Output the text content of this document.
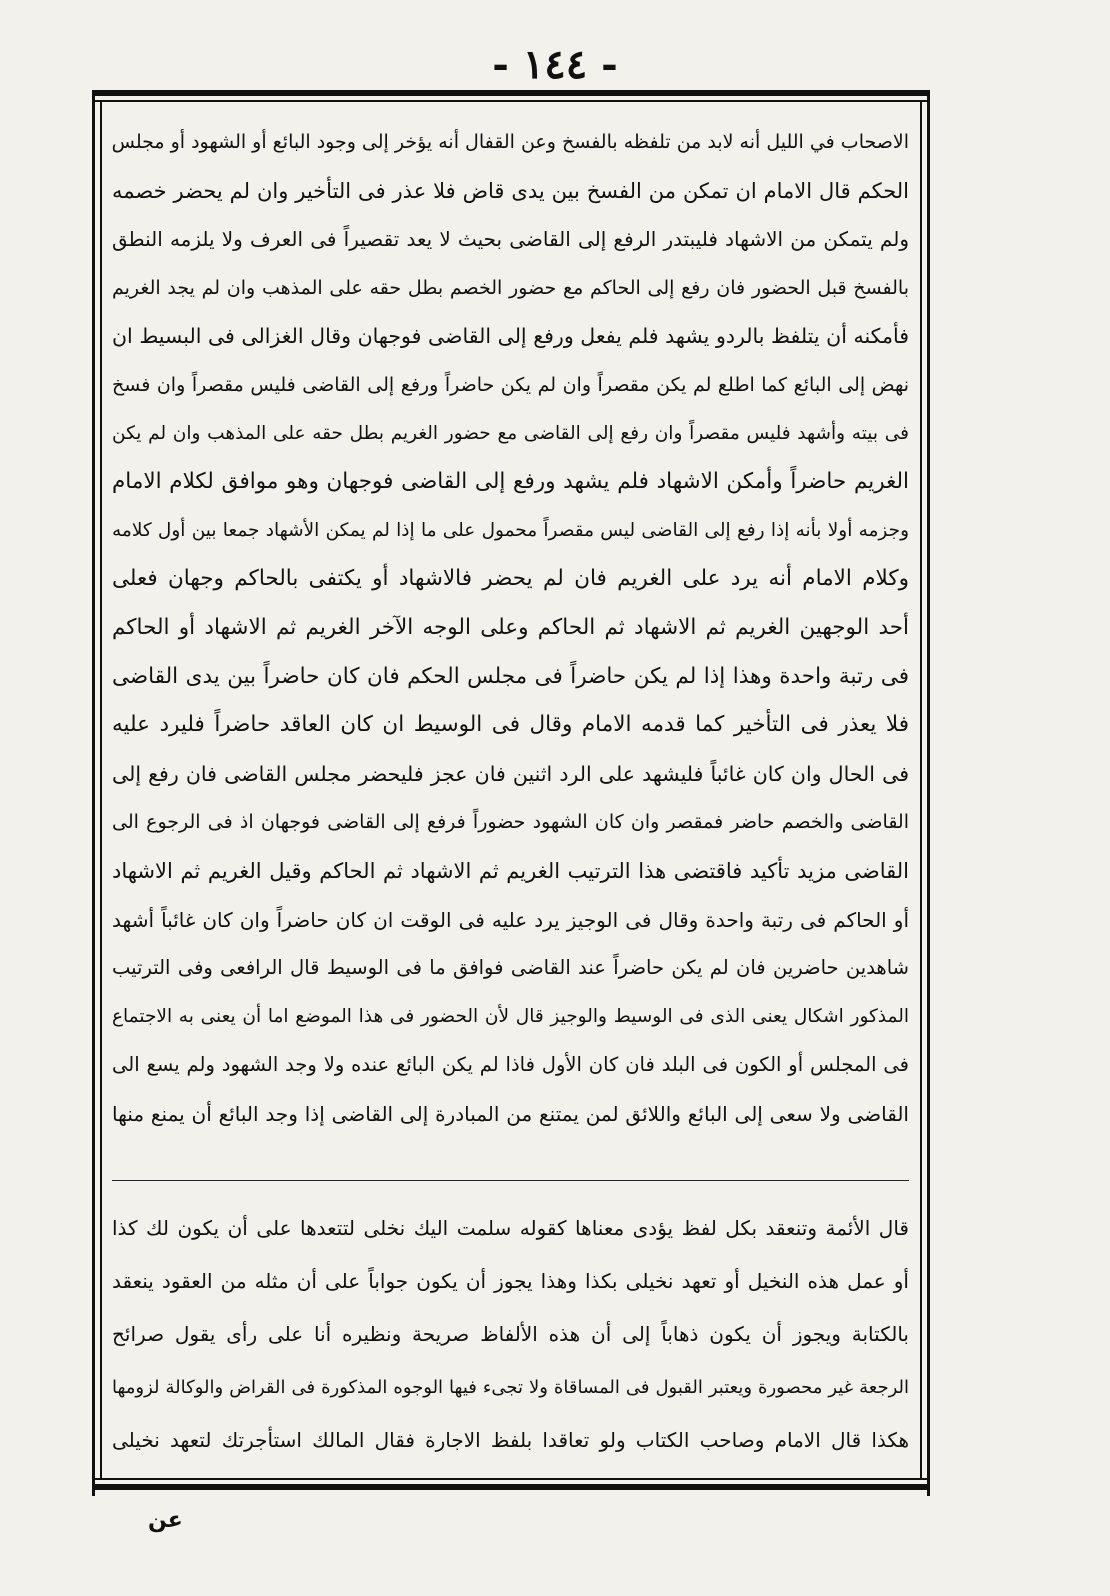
- ١٤٤ -
الاصحاب في الليل أنه لابد من تلفظه بالفسخ وعن القفال أنه يؤخر إلى وجود البائع أو الشهود أو مجلس
الحكم قال الامام ان تمكن من الفسخ بين يدى قاض فلا عذر فى التأخير وان لم يحضر خصمه
ولم يتمكن من الاشهاد فليبتدر الرفع إلى القاضى بحيث لا يعد تقصيراً فى العرف ولا يلزمه النطق
بالفسخ قبل الحضور فان رفع إلى الحاكم مع حضور الخصم بطل حقه على المذهب وان لم يجد الغريم
فأمكنه أن يتلفظ بالردو يشهد فلم يفعل ورفع إلى القاضى فوجهان وقال الغزالى فى البسيط ان
نهض إلى البائع كما اطلع لم يكن مقصراً وان لم يكن حاضراً ورفع إلى القاضى فليس مقصراً وان فسخ
فى بيته وأشهد فليس مقصراً وان رفع إلى القاضى مع حضور الغريم بطل حقه على المذهب وان لم يكن
الغريم حاضراً وأمكن الاشهاد فلم يشهد ورفع إلى القاضى فوجهان وهو موافق لكلام الامام
وجزمه أولا بأنه إذا رفع إلى القاضى ليس مقصراً محمول على ما إذا لم يمكن الأشهاد جمعا بين أول كلامه
وكلام الامام أنه يرد على الغريم فان لم يحضر فالاشهاد أو يكتفى بالحاكم وجهان فعلى
أحد الوجهين الغريم ثم الاشهاد ثم الحاكم وعلى الوجه الآخر الغريم ثم الاشهاد أو الحاكم
فى رتبة واحدة وهذا إذا لم يكن حاضراً فى مجلس الحكم فان كان حاضراً بين يدى القاضى
فلا يعذر فى التأخير كما قدمه الامام وقال فى الوسيط ان كان العاقد حاضراً فليرد عليه
فى الحال وان كان غائباً فليشهد على الرد اثنين فان عجز فليحضر مجلس القاضى فان رفع إلى
القاضى والخصم حاضر فمقصر وان كان الشهود حضوراً فرفع إلى القاضى فوجهان اذ فى الرجوع الى
القاضى مزيد تأكيد فاقتضى هذا الترتيب الغريم ثم الاشهاد ثم الحاكم وقيل الغريم ثم الاشهاد
أو الحاكم فى رتبة واحدة وقال فى الوجيز يرد عليه فى الوقت ان كان حاضراً وان كان غائباً أشهد
شاهدين حاضرين فان لم يكن حاضراً عند القاضى فوافق ما فى الوسيط قال الرافعى وفى الترتيب
المذكور اشكال يعنى الذى فى الوسيط والوجيز قال لأن الحضور فى هذا الموضع اما أن يعنى به الاجتماع
فى المجلس أو الكون فى البلد فان كان الأول فاذا لم يكن البائع عنده ولا وجد الشهود ولم يسع الى
القاضى ولا سعى إلى البائع واللائق لمن يمتنع من المبادرة إلى القاضى إذا وجد البائع أن يمنع منها
قال الأئمة وتنعقد بكل لفظ يؤدى معناها كقوله سلمت اليك نخلى لتتعدها على أن يكون لك كذا
أو عمل هذه النخيل أو تعهد نخيلى بكذا وهذا يجوز أن يكون جواباً على أن مثله من العقود ينعقد
بالكتابة ويجوز أن يكون ذهاباً إلى أن هذه الألفاظ صريحة ونظيره أنا على رأى يقول صرائح
الرجعة غير محصورة ويعتبر القبول فى المساقاة ولا تجىء فيها الوجوه المذكورة فى القراض والوكالة لزومها
هكذا قال الامام وصاحب الكتاب ولو تعاقدا بلفظ الاجارة فقال المالك استأجرتك لتعهد نخيلى
عن
